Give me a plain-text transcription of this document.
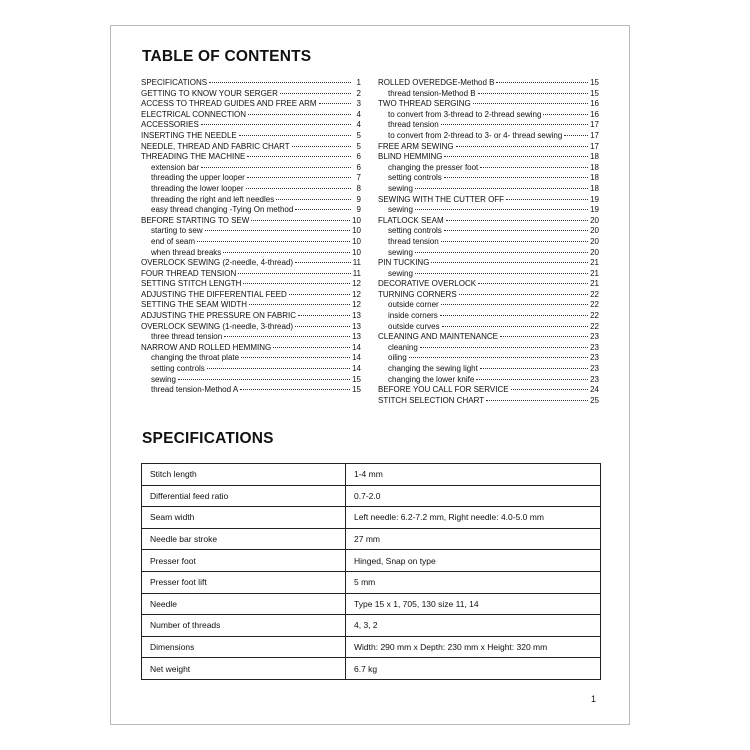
TABLE OF CONTENTS
SPECIFICATIONS	1
GETTING TO KNOW YOUR SERGER	2
ACCESS TO THREAD GUIDES AND FREE ARM	3
ELECTRICAL CONNECTION	4
ACCESSORIES	4
INSERTING THE NEEDLE	5
NEEDLE, THREAD AND FABRIC CHART	5
THREADING THE MACHINE	6
extension bar	6
threading the upper looper	7
threading the lower looper	8
threading the right and left needles	9
easy thread changing -Tying On method	9
BEFORE STARTING TO SEW	10
starting to sew	10
end of seam	10
when thread breaks	10
OVERLOCK SEWING (2-needle, 4-thread)	11
FOUR THREAD TENSION	11
SETTING STITCH LENGTH	12
ADJUSTING THE DIFFERENTIAL FEED	12
SETTING THE SEAM WIDTH	12
ADJUSTING THE PRESSURE ON FABRIC	13
OVERLOCK SEWING (1-needle, 3-thread)	13
three thread tension	13
NARROW AND ROLLED HEMMING	14
changing the throat plate	14
setting controls	14
sewing	15
thread tension-Method A	15
ROLLED OVEREDGE-Method B	15
thread tension-Method B	15
TWO THREAD SERGING	16
to convert from 3-thread to 2-thread sewing	16
thread tension	17
to convert from 2-thread to 3- or 4- thread sewing	17
FREE ARM SEWING	17
BLIND HEMMING	18
changing the presser foot	18
setting controls	18
sewing	18
SEWING WITH THE CUTTER OFF	19
sewing	19
FLATLOCK SEAM	20
setting controls	20
thread tension	20
sewing	20
PIN TUCKING	21
sewing	21
DECORATIVE OVERLOCK	21
TURNING CORNERS	22
outside corner	22
inside corners	22
outside curves	22
CLEANING AND MAINTENANCE	23
cleaning	23
oiling	23
changing the sewing light	23
changing the lower knife	23
BEFORE YOU CALL FOR SERVICE	24
STITCH SELECTION CHART	25
SPECIFICATIONS
Stitch length	1-4 mm
Differential feed ratio	0.7-2.0
Seam width	Left needle: 6.2-7.2 mm, Right needle: 4.0-5.0 mm
Needle bar stroke	27 mm
Presser foot	Hinged, Snap on type
Presser foot lift	5 mm
Needle	Type 15 x 1, 705, 130 size 11, 14
Number of threads	4, 3, 2
Dimensions	Width: 290 mm x Depth: 230 mm x Height: 320 mm
Net weight	6.7 kg
1
